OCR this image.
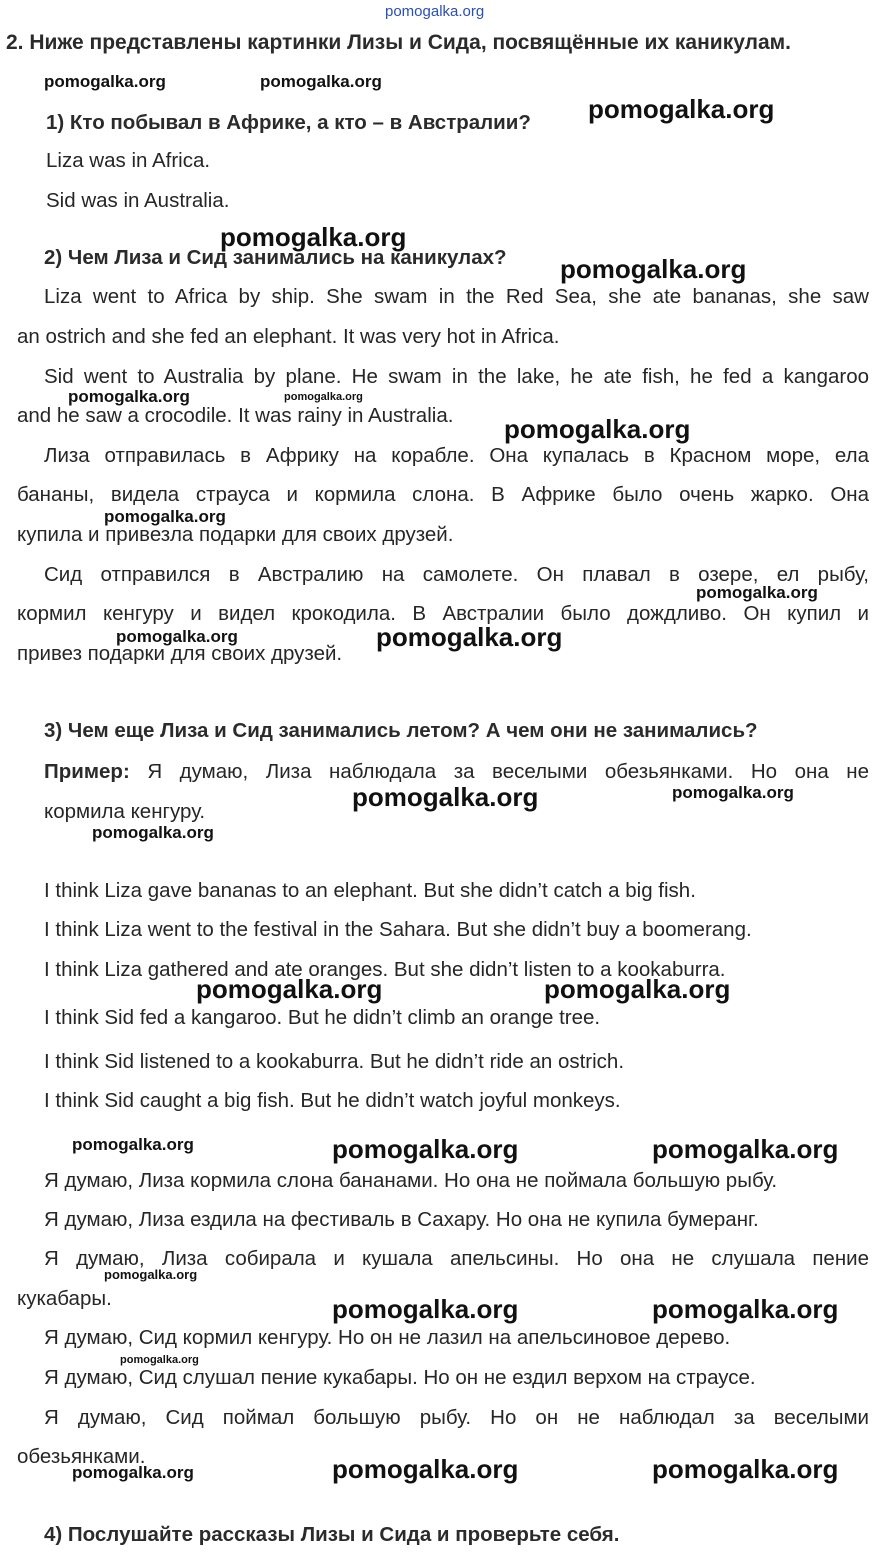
pomogalka.org
2. Ниже представлены картинки Лизы и Сида, посвящённые их каникулам.
1) Кто побывал в Африке, а кто – в Австралии?
Liza was in Africa.
Sid was in Australia.
2) Чем Лиза и Сид занимались на каникулах?
Liza went to Africa by ship. She swam in the Red Sea, she ate bananas, she saw
an ostrich and she fed an elephant. It was very hot in Africa.
Sid went to Australia by plane. He swam in the lake, he ate fish, he fed a kangaroo
and he saw a crocodile. It was rainy in Australia.
Лиза отправилась в Африку на корабле. Она купалась в Красном море, ела
бананы, видела страуса и кормила слона. В Африке было очень жарко. Она
купила и привезла подарки для своих друзей.
Сид отправился в Австралию на самолете. Он плавал в озере, ел рыбу,
кормил кенгуру и видел крокодила. В Австралии было дождливо. Он купил и
привез подарки для своих друзей.
3) Чем еще Лиза и Сид занимались летом? А чем они не занимались?
Пример: Я думаю, Лиза наблюдала за веселыми обезьянками. Но она не
кормила кенгуру.
I think Liza gave bananas to an elephant. But she didn’t catch a big fish.
I think Liza went to the festival in the Sahara. But she didn’t buy a boomerang.
I think Liza gathered and ate oranges. But she didn’t listen to a kookaburra.
I think Sid fed a kangaroo. But he didn’t climb an orange tree.
I think Sid listened to a kookaburra. But he didn’t ride an ostrich.
I think Sid caught a big fish. But he didn’t watch joyful monkeys.
Я думаю, Лиза кормила слона бананами. Но она не поймала большую рыбу.
Я думаю, Лиза ездила на фестиваль в Сахару. Но она не купила бумеранг.
Я думаю, Лиза собирала и кушала апельсины. Но она не слушала пение
кукабары.
Я думаю, Сид кормил кенгуру. Но он не лазил на апельсиновое дерево.
Я думаю, Сид слушал пение кукабары. Но он не ездил верхом на страусе.
Я думаю, Сид поймал большую рыбу. Но он не наблюдал за веселыми
обезьянками.
4) Послушайте рассказы Лизы и Сида и проверьте себя.
pomogalka.org	pomogalka.org
pomogalka.org
pomogalka.org
pomogalka.org
pomogalka.org	pomogalka.org
pomogalka.org
pomogalka.org
pomogalka.org
pomogalka.org	pomogalka.org
pomogalka.org	pomogalka.org
pomogalka.org
pomogalka.org	pomogalka.org
pomogalka.org	pomogalka.org	pomogalka.org
pomogalka.org
pomogalka.org	pomogalka.org
pomogalka.org
pomogalka.org	pomogalka.org	pomogalka.org
